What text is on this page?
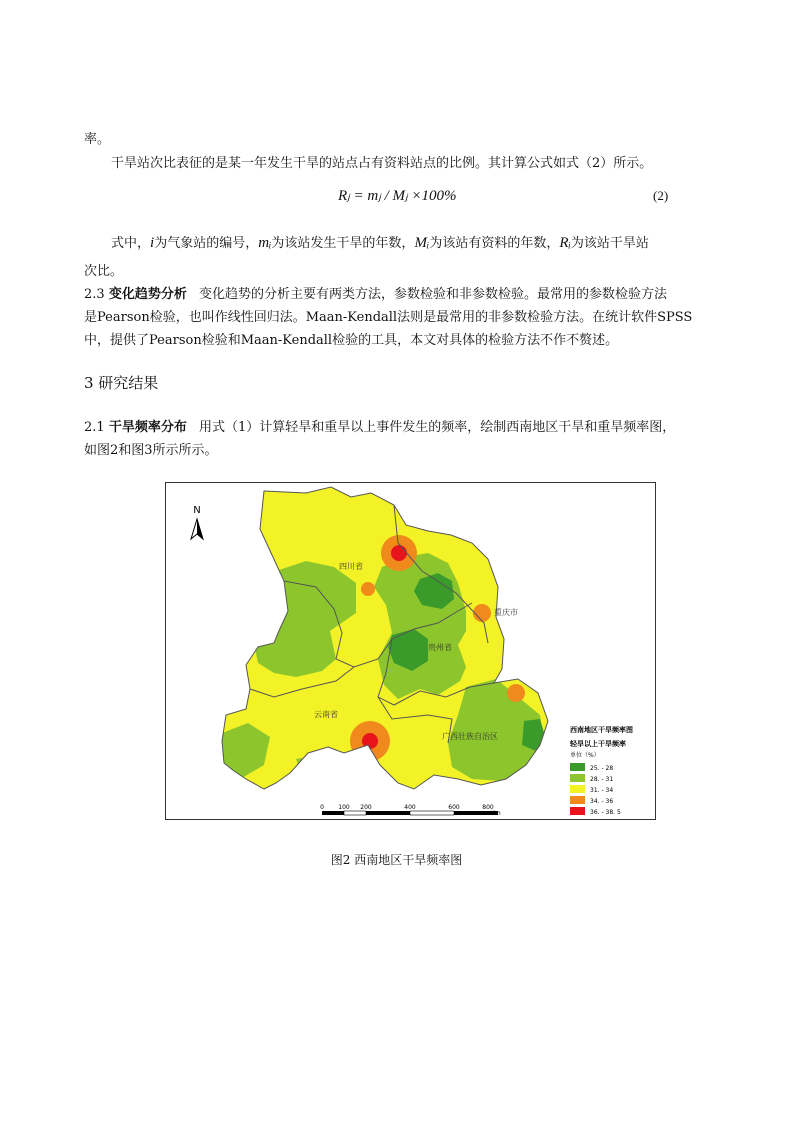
率。
干旱站次比表征的是某一年发生干旱的站点占有资料站点的比例。其计算公式如式（2）所示。
Rⱼ = mⱼ / Mⱼ ×100%	(2)
式中，i为气象站的编号，mᵢ为该站发生干旱的年数，Mᵢ为该站有资料的年数，Rᵢ为该站干旱站
次比。
2.3 变化趋势分析 变化趋势的分析主要有两类方法，参数检验和非参数检验。最常用的参数检验方法
是Pearson检验，也叫作线性回归法。Maan-Kendall法则是最常用的非参数检验方法。在统计软件SPSS
中，提供了Pearson检验和Maan-Kendall检验的工具，本文对具体的检验方法不作不赘述。
3 研究结果
2.1 干旱频率分布 用式（1）计算轻旱和重旱以上事件发生的频率，绘制西南地区干旱和重旱频率图，
如图2和图3所示所示。
N
四川省
重庆市
贵州省
云南省
广西壮族自治区
西南地区干旱频率图
轻旱以上干旱频率
单位（%）
25. - 28
28. - 31
31. - 34
34. - 36
36. - 38. 5
0 100 200	400	600	800
Km
图2 西南地区干旱频率图
